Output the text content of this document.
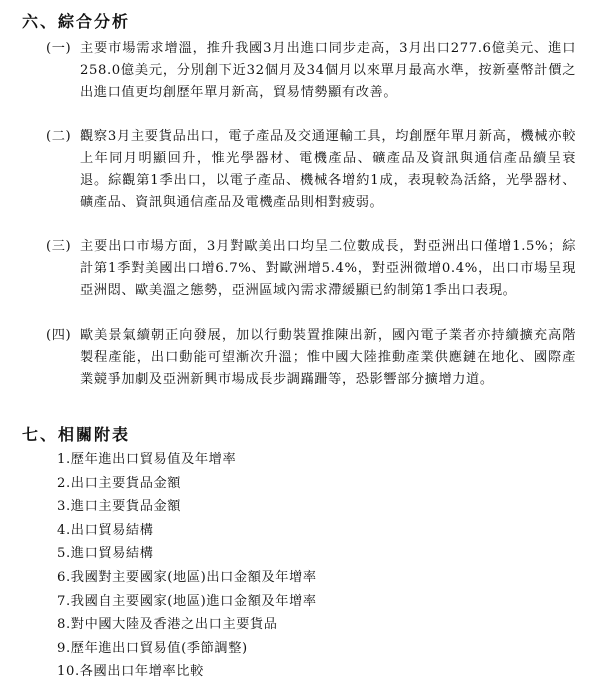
六、綜合分析
(一) 主要市場需求增溫，推升我國3月出進口同步走高，3月出口277.6億美元、進口258.0億美元，分別創下近32個月及34個月以來單月最高水準，按新臺幣計價之出進口值更均創歷年單月新高，貿易情勢顯有改善。
(二) 觀察3月主要貨品出口，電子產品及交通運輸工具，均創歷年單月新高，機械亦較上年同月明顯回升，惟光學器材、電機產品、礦產品及資訊與通信產品續呈衰退。綜觀第1季出口，以電子產品、機械各增約1成，表現較為活絡，光學器材、礦產品、資訊與通信產品及電機產品則相對疲弱。
(三) 主要出口市場方面，3月對歐美出口均呈二位數成長，對亞洲出口僅增1.5%；綜計第1季對美國出口增6.7%、對歐洲增5.4%，對亞洲微增0.4%，出口市場呈現亞洲悶、歐美溫之態勢，亞洲區域內需求滯緩顯已約制第1季出口表現。
(四) 歐美景氣續朝正向發展，加以行動裝置推陳出新，國內電子業者亦持續擴充高階製程產能，出口動能可望漸次升溫；惟中國大陸推動產業供應鏈在地化、國際產業競爭加劇及亞洲新興市場成長步調蹣跚等，恐影響部分擴增力道。
七、相關附表
1.歷年進出口貿易值及年增率
2.出口主要貨品金額
3.進口主要貨品金額
4.出口貿易結構
5.進口貿易結構
6.我國對主要國家(地區)出口金額及年增率
7.我國自主要國家(地區)進口金額及年增率
8.對中國大陸及香港之出口主要貨品
9.歷年進出口貿易值(季節調整)
10.各國出口年增率比較
